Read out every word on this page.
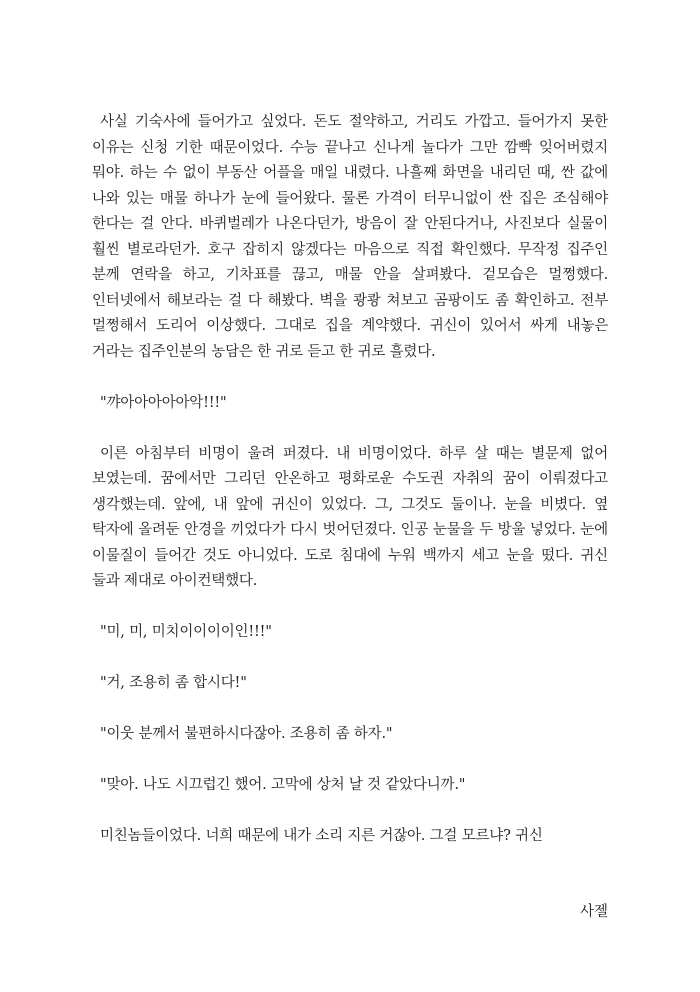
사실 기숙사에 들어가고 싶었다. 돈도 절약하고, 거리도 가깝고. 들어가지 못한 이유는 신청 기한 때문이었다. 수능 끝나고 신나게 놀다가 그만 깜빡 잊어버렸지 뭐야. 하는 수 없이 부동산 어플을 매일 내렸다. 나흘째 화면을 내리던 때, 싼 값에 나와 있는 매물 하나가 눈에 들어왔다. 물론 가격이 터무니없이 싼 집은 조심해야 한다는 걸 안다. 바퀴벌레가 나온다던가, 방음이 잘 안된다거나, 사진보다 실물이 훨씬 별로라던가. 호구 잡히지 않겠다는 마음으로 직접 확인했다. 무작정 집주인 분께 연락을 하고, 기차표를 끊고, 매물 안을 살펴봤다. 겉모습은 멀쩡했다. 인터넷에서 해보라는 걸 다 해봤다. 벽을 쾅쾅 쳐보고 곰팡이도 좀 확인하고. 전부 멀쩡해서 도리어 이상했다. 그대로 집을 계약했다. 귀신이 있어서 싸게 내놓은 거라는 집주인분의 농담은 한 귀로 듣고 한 귀로 흘렸다.

"꺄아아아아아악!!!"

이른 아침부터 비명이 울려 퍼졌다. 내 비명이었다. 하루 살 때는 별문제 없어 보였는데. 꿈에서만 그리던 안온하고 평화로운 수도권 자취의 꿈이 이뤄졌다고 생각했는데. 앞에, 내 앞에 귀신이 있었다. 그, 그것도 둘이나. 눈을 비볐다. 옆 탁자에 올려둔 안경을 끼었다가 다시 벗어던졌다. 인공 눈물을 두 방울 넣었다. 눈에 이물질이 들어간 것도 아니었다. 도로 침대에 누워 백까지 세고 눈을 떴다. 귀신 둘과 제대로 아이컨택했다.

"미, 미, 미치이이이이인!!!"

"거, 조용히 좀 합시다!"

"이웃 분께서 불편하시다잖아. 조용히 좀 하자."

"맞아. 나도 시끄럽긴 했어. 고막에 상처 날 것 같았다니까."

미친놈들이었다. 너희 때문에 내가 소리 지른 거잖아. 그걸 모르냐? 귀신

사젤
